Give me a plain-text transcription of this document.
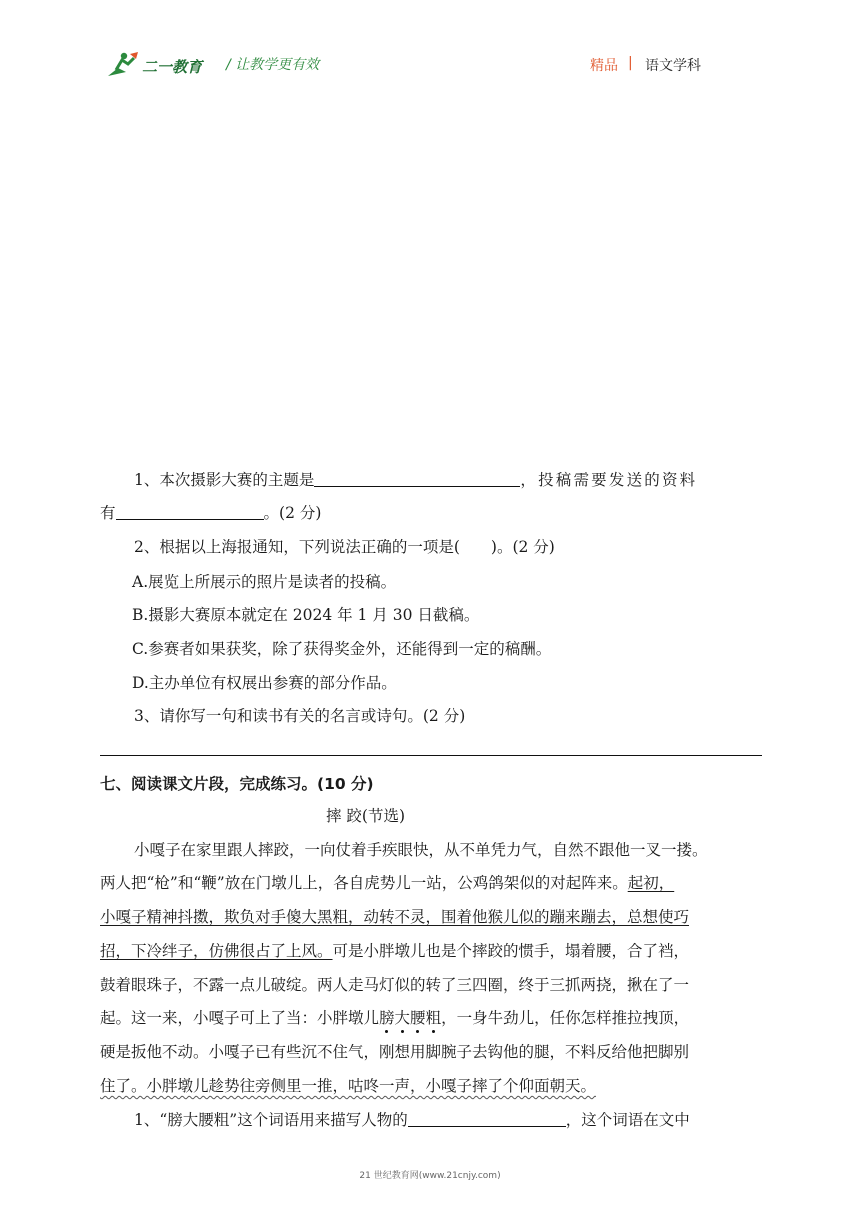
二一教育 / 让教学更有效	精品 | 语文学科
1、本次摄影大赛的主题是	，投稿需要发送的资料
有	。(2 分)
2、根据以上海报通知，下列说法正确的一项是(　　)。(2 分)
A.展览上所展示的照片是读者的投稿。
B.摄影大赛原本就定在 2024 年 1 月 30 日截稿。
C.参赛者如果获奖，除了获得奖金外，还能得到一定的稿酬。
D.主办单位有权展出参赛的部分作品。
3、请你写一句和读书有关的名言或诗句。(2 分)
七、阅读课文片段，完成练习。(10 分)
摔 跤(节选)
小嘎子在家里跟人摔跤，一向仗着手疾眼快，从不单凭力气，自然不跟他一叉一搂。
两人把“枪”和“鞭”放在门墩儿上，各自虎势儿一站，公鸡鸽架似的对起阵来。起初，
小嘎子精神抖擞，欺负对手傻大黑粗，动转不灵，围着他猴儿似的蹦来蹦去，总想使巧
招，下冷绊子，仿佛很占了上风。可是小胖墩儿也是个摔跤的惯手，塌着腰，合了裆，
鼓着眼珠子，不露一点儿破绽。两人走马灯似的转了三四圈，终于三抓两挠，揪在了一
起。这一来，小嘎子可上了当：小胖墩儿膀大腰粗，一身牛劲儿，任你怎样推拉拽顶，
硬是扳他不动。小嘎子已有些沉不住气，刚想用脚腕子去钩他的腿，不料反给他把脚别
住了。小胖墩儿趁势往旁侧里一推，咕咚一声，小嘎子摔了个仰面朝天。
1、“膀大腰粗”这个词语用来描写人物的	，这个词语在文中
21 世纪教育网(www.21cnjy.com)
